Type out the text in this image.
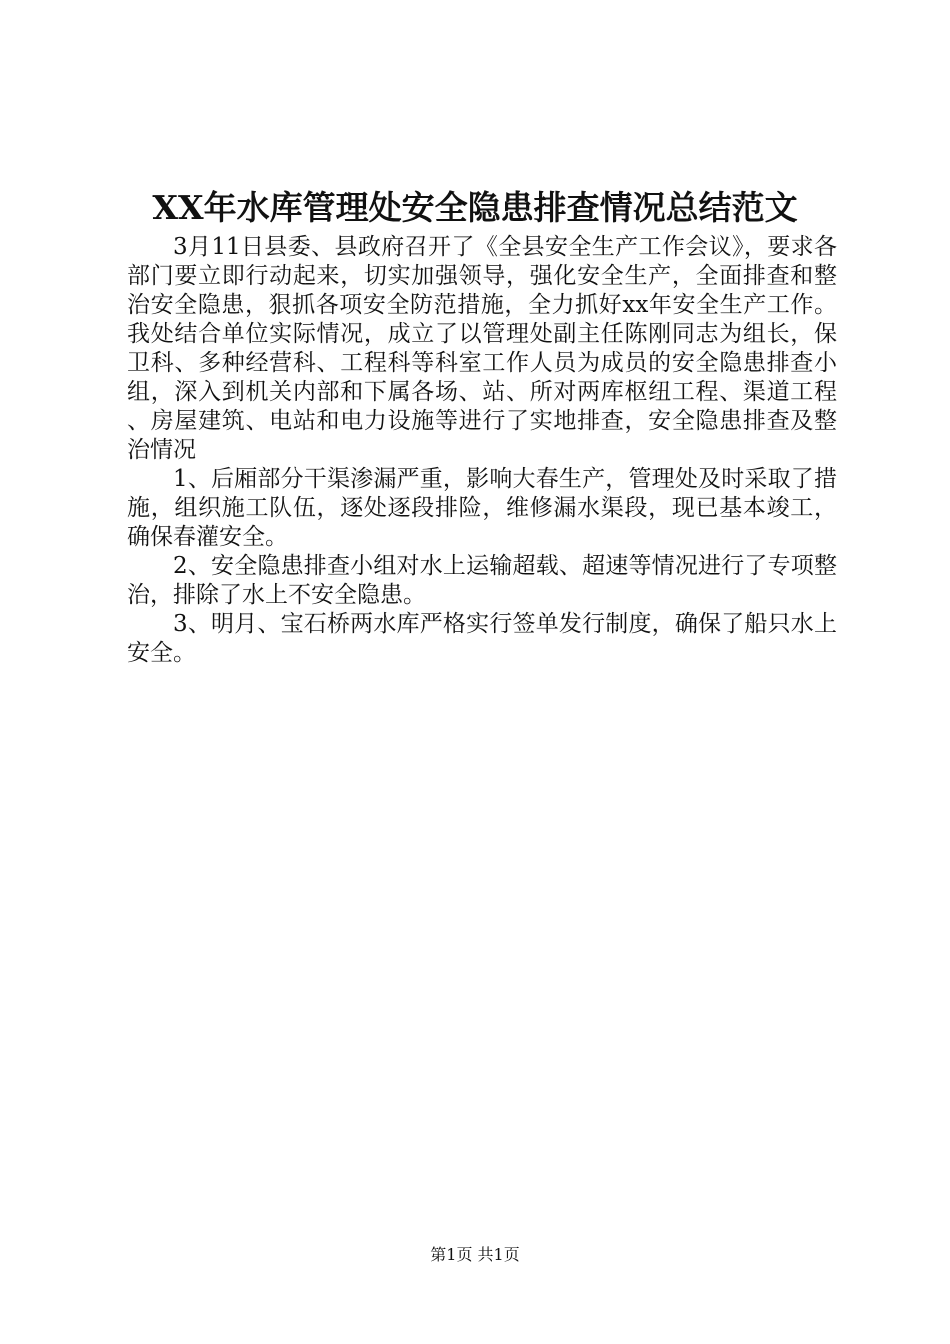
XX年水库管理处安全隐患排查情况总结范文

3月11日县委、县政府召开了《全县安全生产工作会议》，要求各部门要立即行动起来，切实加强领导，强化安全生产，全面排查和整治安全隐患，狠抓各项安全防范措施，全力抓好xx年安全生产工作。我处结合单位实际情况，成立了以管理处副主任陈刚同志为组长，保卫科、多种经营科、工程科等科室工作人员为成员的安全隐患排查小组，深入到机关内部和下属各场、站、所对两库枢纽工程、渠道工程、房屋建筑、电站和电力设施等进行了实地排查，安全隐患排查及整治情况

1、后厢部分干渠渗漏严重，影响大春生产，管理处及时采取了措施，组织施工队伍，逐处逐段排险，维修漏水渠段，现已基本竣工，确保春灌安全。

2、安全隐患排查小组对水上运输超载、超速等情况进行了专项整治，排除了水上不安全隐患。

3、明月、宝石桥两水库严格实行签单发行制度，确保了船只水上安全。

第1页 共1页
